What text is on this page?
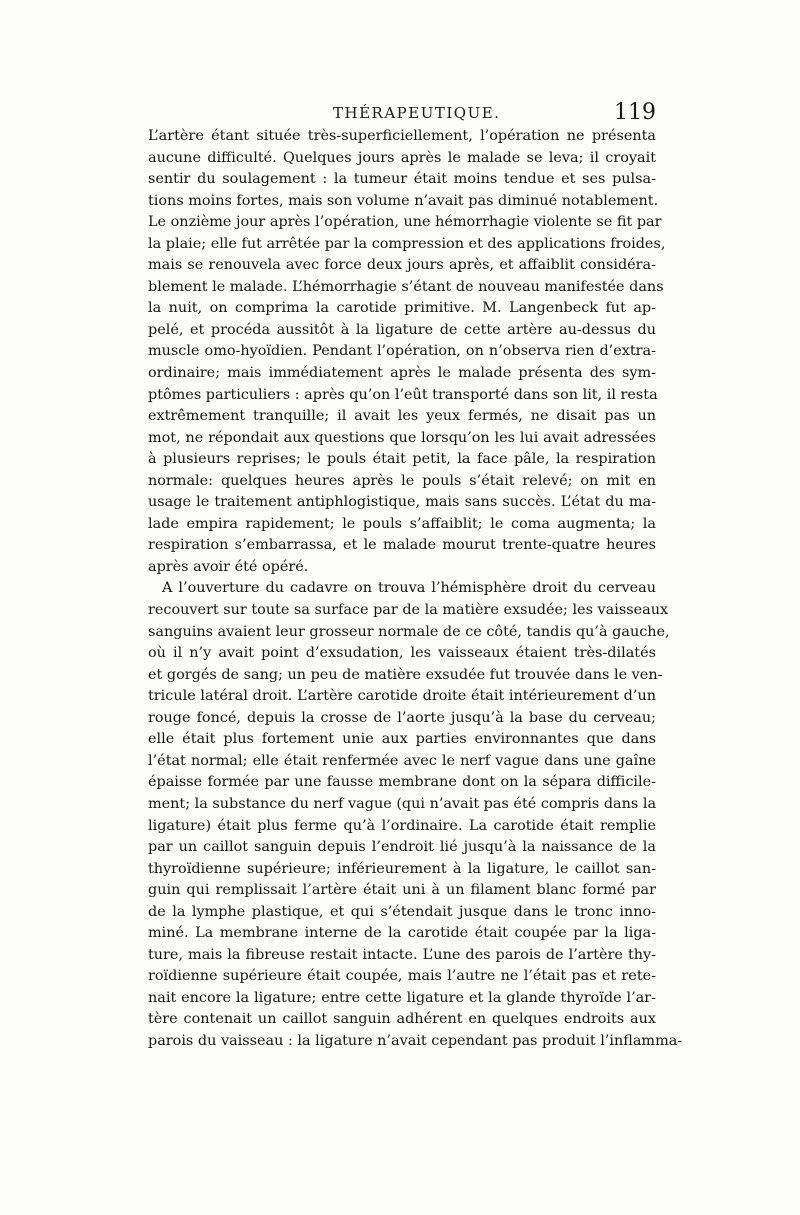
THÉRAPEUTIQUE.	119
L’artère étant située très-superficiellement, l’opération ne présenta
aucune difficulté. Quelques jours après le malade se leva; il croyait
sentir du soulagement : la tumeur était moins tendue et ses pulsa-
tions moins fortes, mais son volume n’avait pas diminué notablement.
Le onzième jour après l’opération, une hémorrhagie violente se fit par
la plaie; elle fut arrêtée par la compression et des applications froides,
mais se renouvela avec force deux jours après, et affaiblit considéra-
blement le malade. L’hémorrhagie s’étant de nouveau manifestée dans
la nuit, on comprima la carotide primitive. M. Langenbeck fut ap-
pelé, et procéda aussitôt à la ligature de cette artère au-dessus du
muscle omo-hyoïdien. Pendant l’opération, on n’observa rien d’extra-
ordinaire; mais immédiatement après le malade présenta des sym-
ptômes particuliers : après qu’on l’eût transporté dans son lit, il resta
extrêmement tranquille; il avait les yeux fermés, ne disait pas un
mot, ne répondait aux questions que lorsqu’on les lui avait adressées
à plusieurs reprises; le pouls était petit, la face pâle, la respiration
normale: quelques heures après le pouls s’était relevé; on mit en
usage le traitement antiphlogistique, mais sans succès. L’état du ma-
lade empira rapidement; le pouls s’affaiblit; le coma augmenta; la
respiration s’embarrassa, et le malade mourut trente-quatre heures
après avoir été opéré.
A l’ouverture du cadavre on trouva l’hémisphère droit du cerveau
recouvert sur toute sa surface par de la matière exsudée; les vaisseaux
sanguins avaient leur grosseur normale de ce côté, tandis qu’à gauche,
où il n’y avait point d’exsudation, les vaisseaux étaient très-dilatés
et gorgés de sang; un peu de matière exsudée fut trouvée dans le ven-
tricule latéral droit. L’artère carotide droite était intérieurement d’un
rouge foncé, depuis la crosse de l’aorte jusqu’à la base du cerveau;
elle était plus fortement unie aux parties environnantes que dans
l’état normal; elle était renfermée avec le nerf vague dans une gaîne
épaisse formée par une fausse membrane dont on la sépara difficile-
ment; la substance du nerf vague (qui n’avait pas été compris dans la
ligature) était plus ferme qu’à l’ordinaire. La carotide était remplie
par un caillot sanguin depuis l’endroit lié jusqu’à la naissance de la
thyroïdienne supérieure; inférieurement à la ligature, le caillot san-
guin qui remplissait l’artère était uni à un filament blanc formé par
de la lymphe plastique, et qui s’étendait jusque dans le tronc inno-
miné. La membrane interne de la carotide était coupée par la liga-
ture, mais la fibreuse restait intacte. L’une des parois de l’artère thy-
roïdienne supérieure était coupée, mais l’autre ne l’était pas et rete-
nait encore la ligature; entre cette ligature et la glande thyroïde l’ar-
tère contenait un caillot sanguin adhérent en quelques endroits aux
parois du vaisseau : la ligature n’avait cependant pas produit l’inflamma-
